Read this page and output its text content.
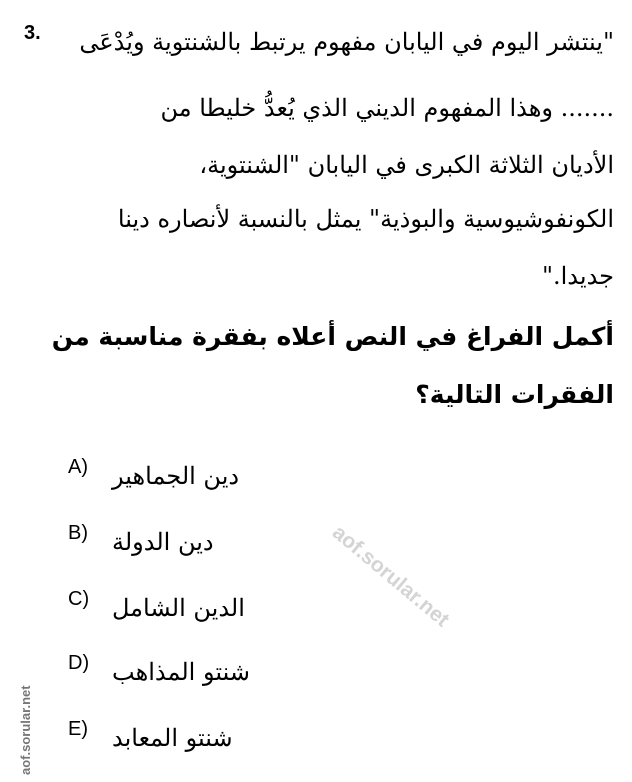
3. "ينتشر اليوم في اليابان مفهوم يرتبط بالشنتوية ويُدْعَى
....... وهذا المفهوم الديني الذي يُعدُّ خليطا من
الأديان الثلاثة الكبرى في اليابان "الشنتوية،
الكونفوشيوسية والبوذية" يمثل بالنسبة لأنصاره دينا
جديدا."
أكمل الفراغ في النص أعلاه بفقرة مناسبة من
الفقرات التالية؟
A) دين الجماهير
B) دين الدولة
C) الدين الشامل
D) شنتو المذاهب
E) شنتو المعابد
aof.sorular.net
aof.sorular.net
